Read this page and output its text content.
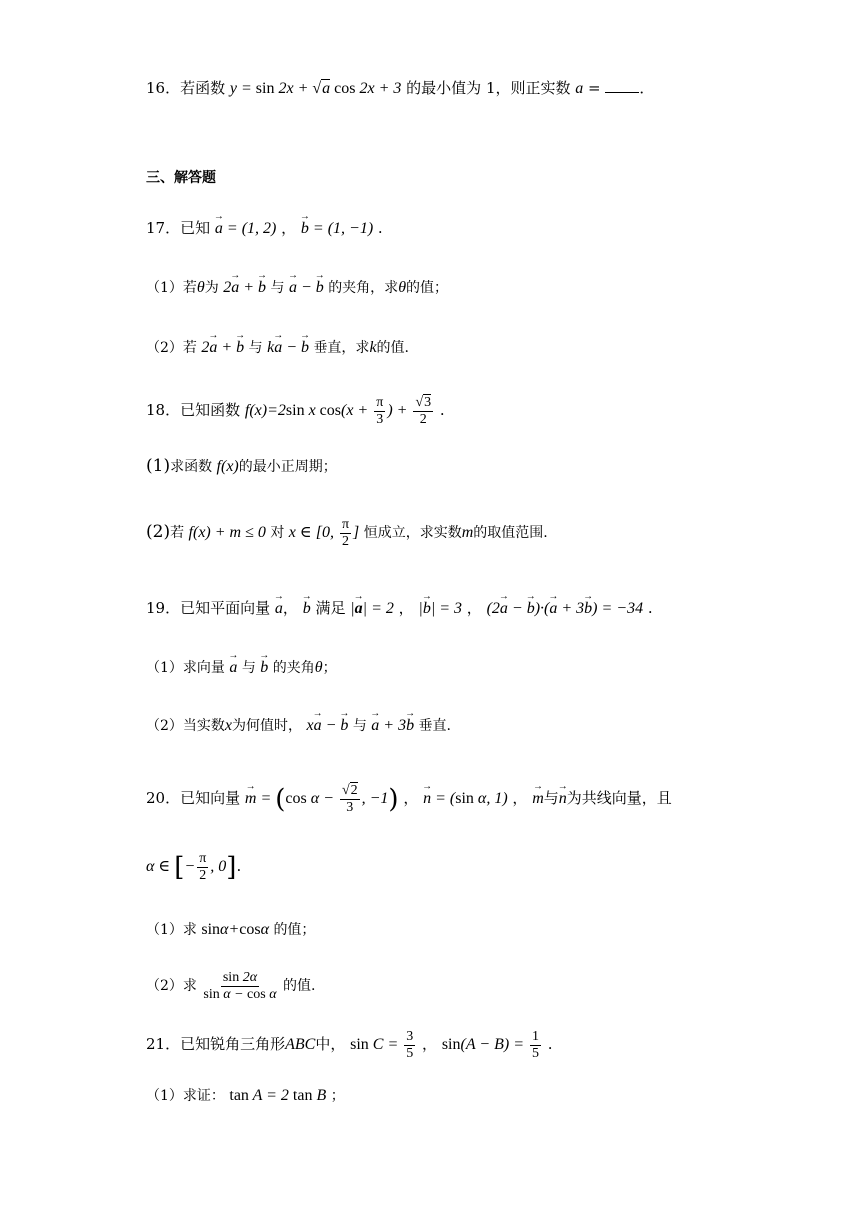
16．若函数 y = sin 2x + √a cos 2x + 3 的最小值为 1，则正实数 a = ．
三、解答题
17．已知 → a = (1, 2) ， → b = (1, −1) .
（1）若θ为 2→ a + → b 与 → a − → b 的夹角，求θ的值；
（2）若 2→ a + → b 与 k→ a − → b 垂直，求k的值.
18．已知函数 f(x)=2sin x $\cos(x + \frac{\pi}{3}$ ) + $\frac{√3}{2}$ .
(1)求函数 f(x)的最小正周期；
(2)若 f(x) + m ≤ 0 对 x ∈ [0, $\frac{\pi}{2}$ ] 恒成立，求实数m的取值范围.
19．已知平面向量 → a， → b 满足 |→ a| = 2 ， |→ b| = 3 ， (2→ a − → b)·(→ a + 3→ b) = −34 .
（1）求向量 → a 与 → b 的夹角θ；
（2）当实数x为何值时， x→ a − → b 与 → a + 3→ b 垂直.
20．已知向量 → m = (cos $\alpha - \frac{√2}{3}$ , −1) ， → n = (sin α, 1) ， → m与→ n为共线向量，且
α ∈ [− $\frac{\pi}{2}$ , 0].
（1）求 sinα+cosα 的值；
（2）求 $\frac{\sin 2\alpha}{\text{sin α − cos α}}$ 的值.
21．已知锐角三角形ABC中， $\sin C = \frac{3}{5}$ ， $\sin(A - B) = \frac{1}{5}$ .
（1）求证： tan A = 2 tan B ；
